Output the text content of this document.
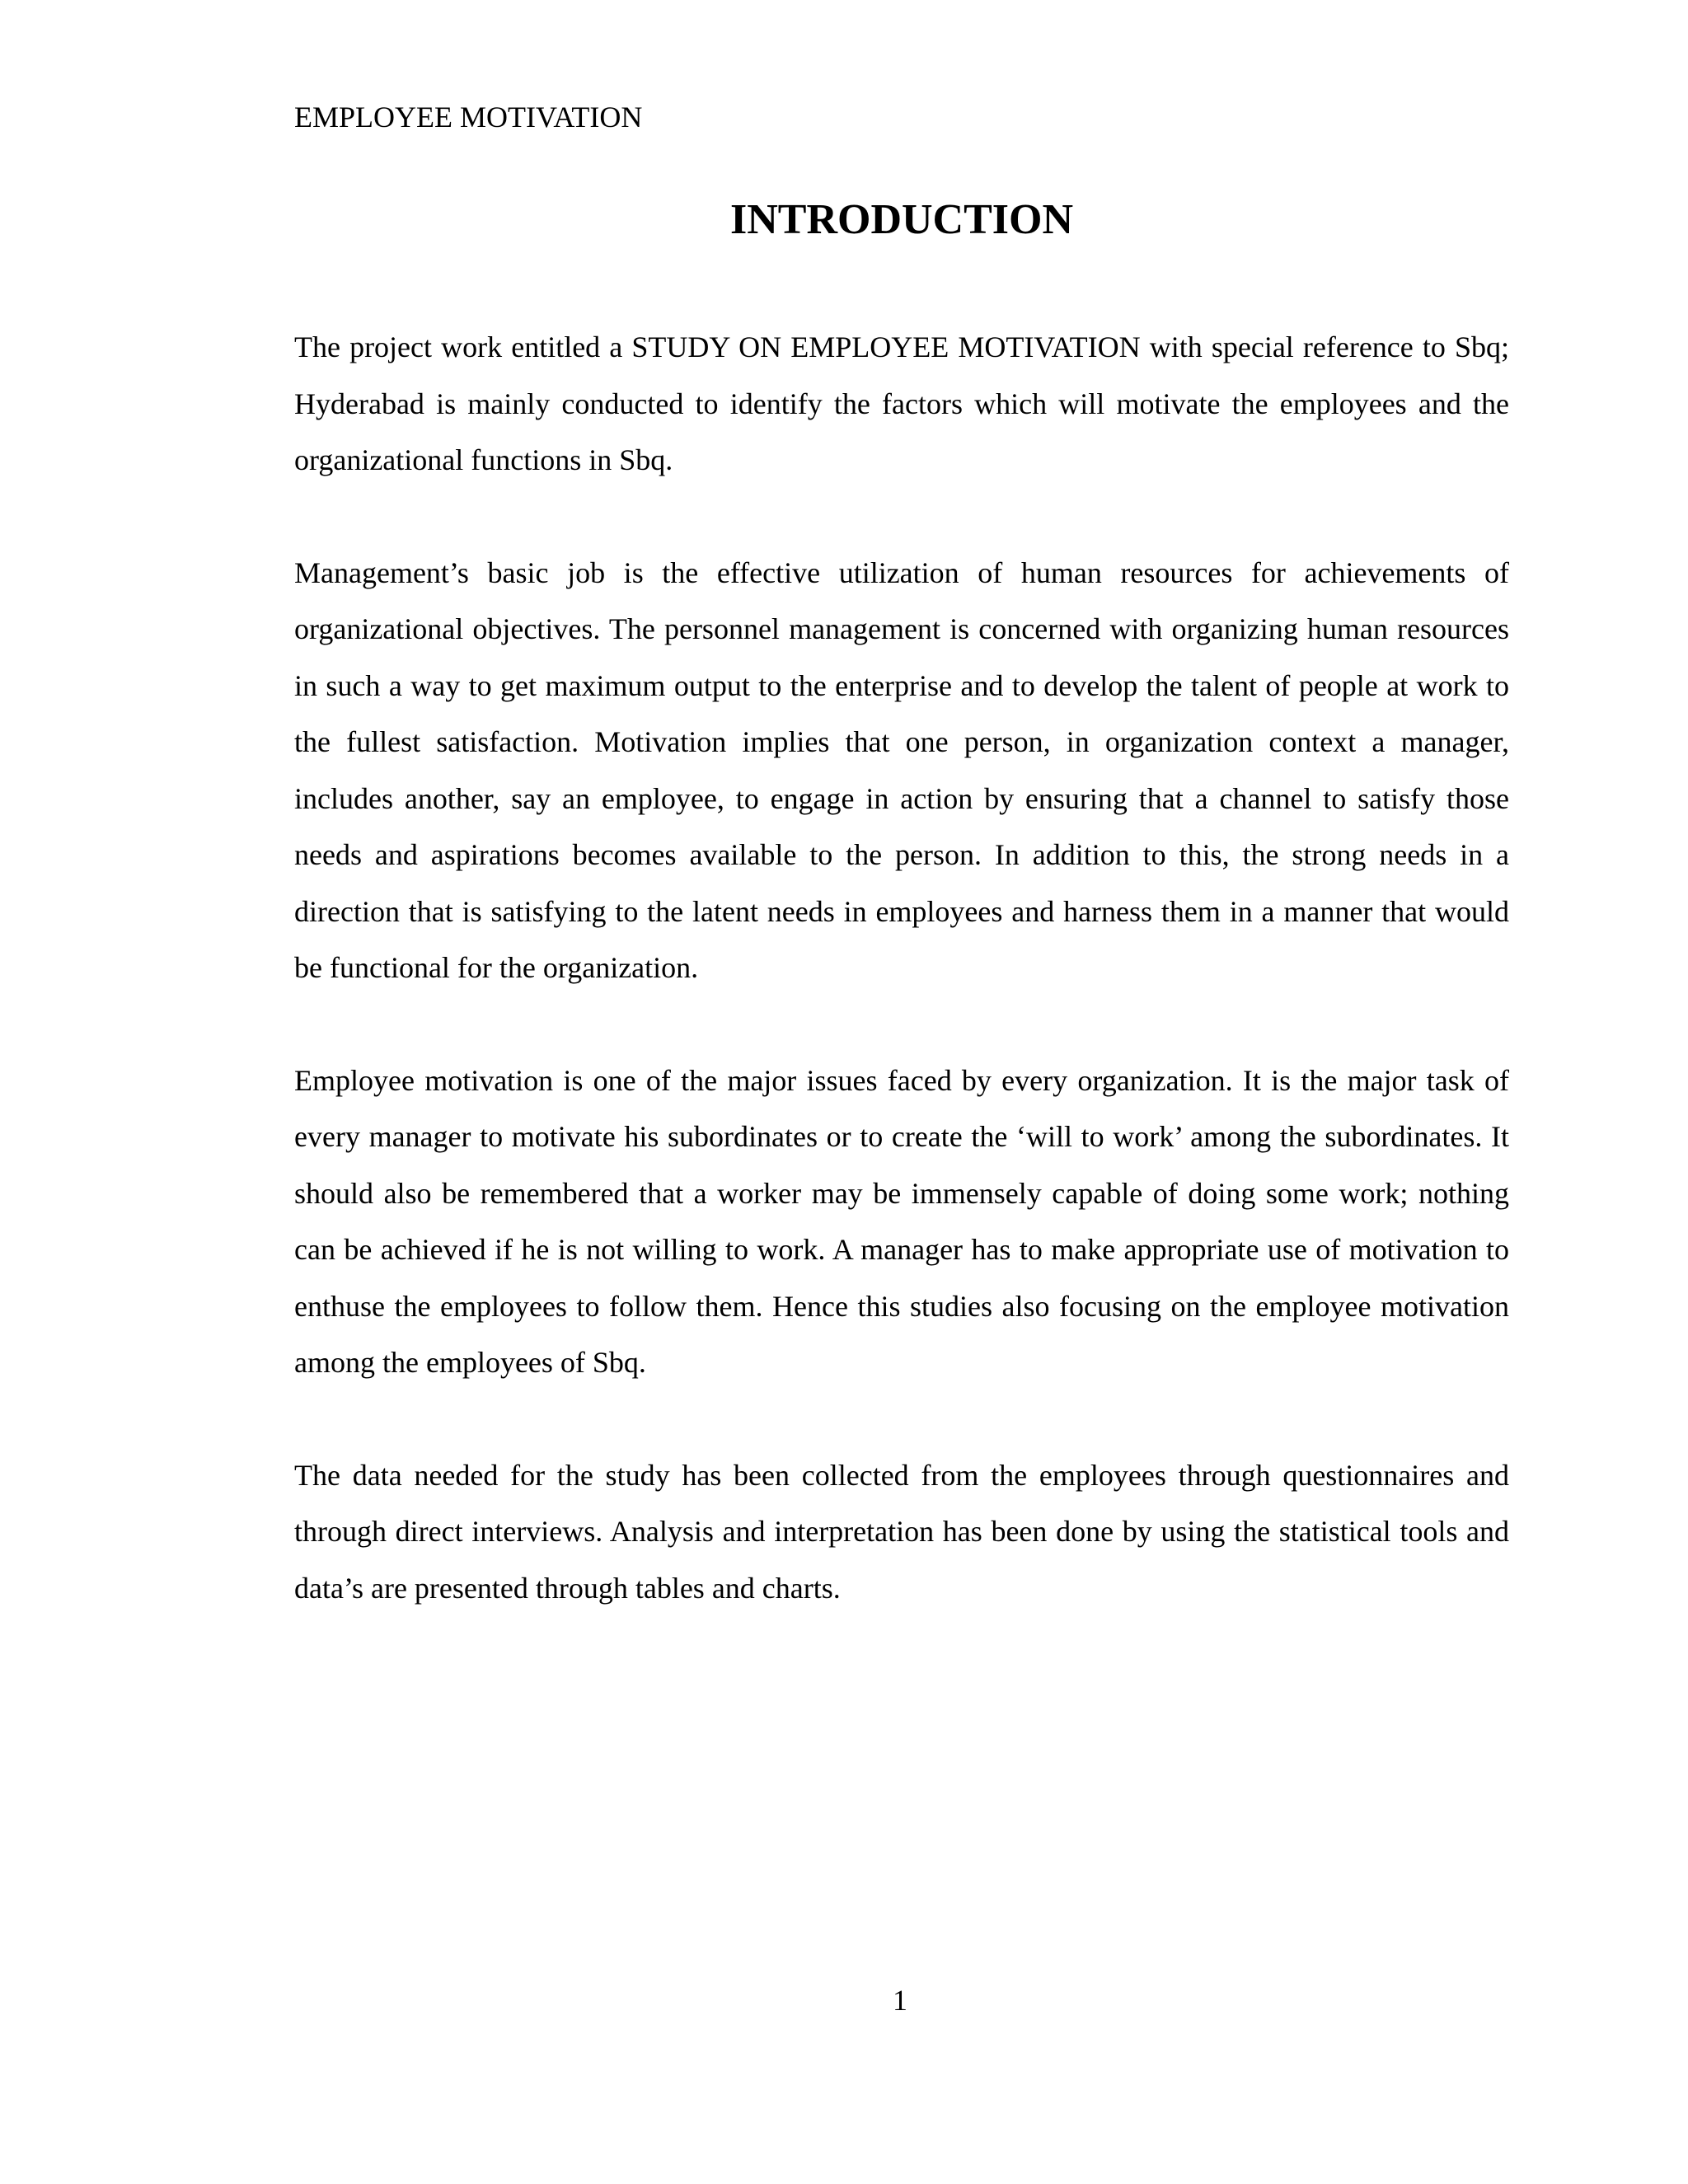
EMPLOYEE MOTIVATION

INTRODUCTION

The project work entitled a STUDY ON EMPLOYEE MOTIVATION with special reference to Sbq; Hyderabad is mainly conducted to identify the factors which will motivate the employees and the organizational functions in Sbq.

Management’s basic job is the effective utilization of human resources for achievements of organizational objectives. The personnel management is concerned with organizing human resources in such a way to get maximum output to the enterprise and to develop the talent of people at work to the fullest satisfaction. Motivation implies that one person, in organization context a manager, includes another, say an employee, to engage in action by ensuring that a channel to satisfy those needs and aspirations becomes available to the person. In addition to this, the strong needs in a direction that is satisfying to the latent needs in employees and harness them in a manner that would be functional for the organization.

Employee motivation is one of the major issues faced by every organization. It is the major task of every manager to motivate his subordinates or to create the ‘will to work’ among the subordinates. It should also be remembered that a worker may be immensely capable of doing some work; nothing can be achieved if he is not willing to work. A manager has to make appropriate use of motivation to enthuse the employees to follow them. Hence this studies also focusing on the employee motivation among the employees of Sbq.

The data needed for the study has been collected from the employees through questionnaires and through direct interviews. Analysis and interpretation has been done by using the statistical tools and data’s are presented through tables and charts.

1
